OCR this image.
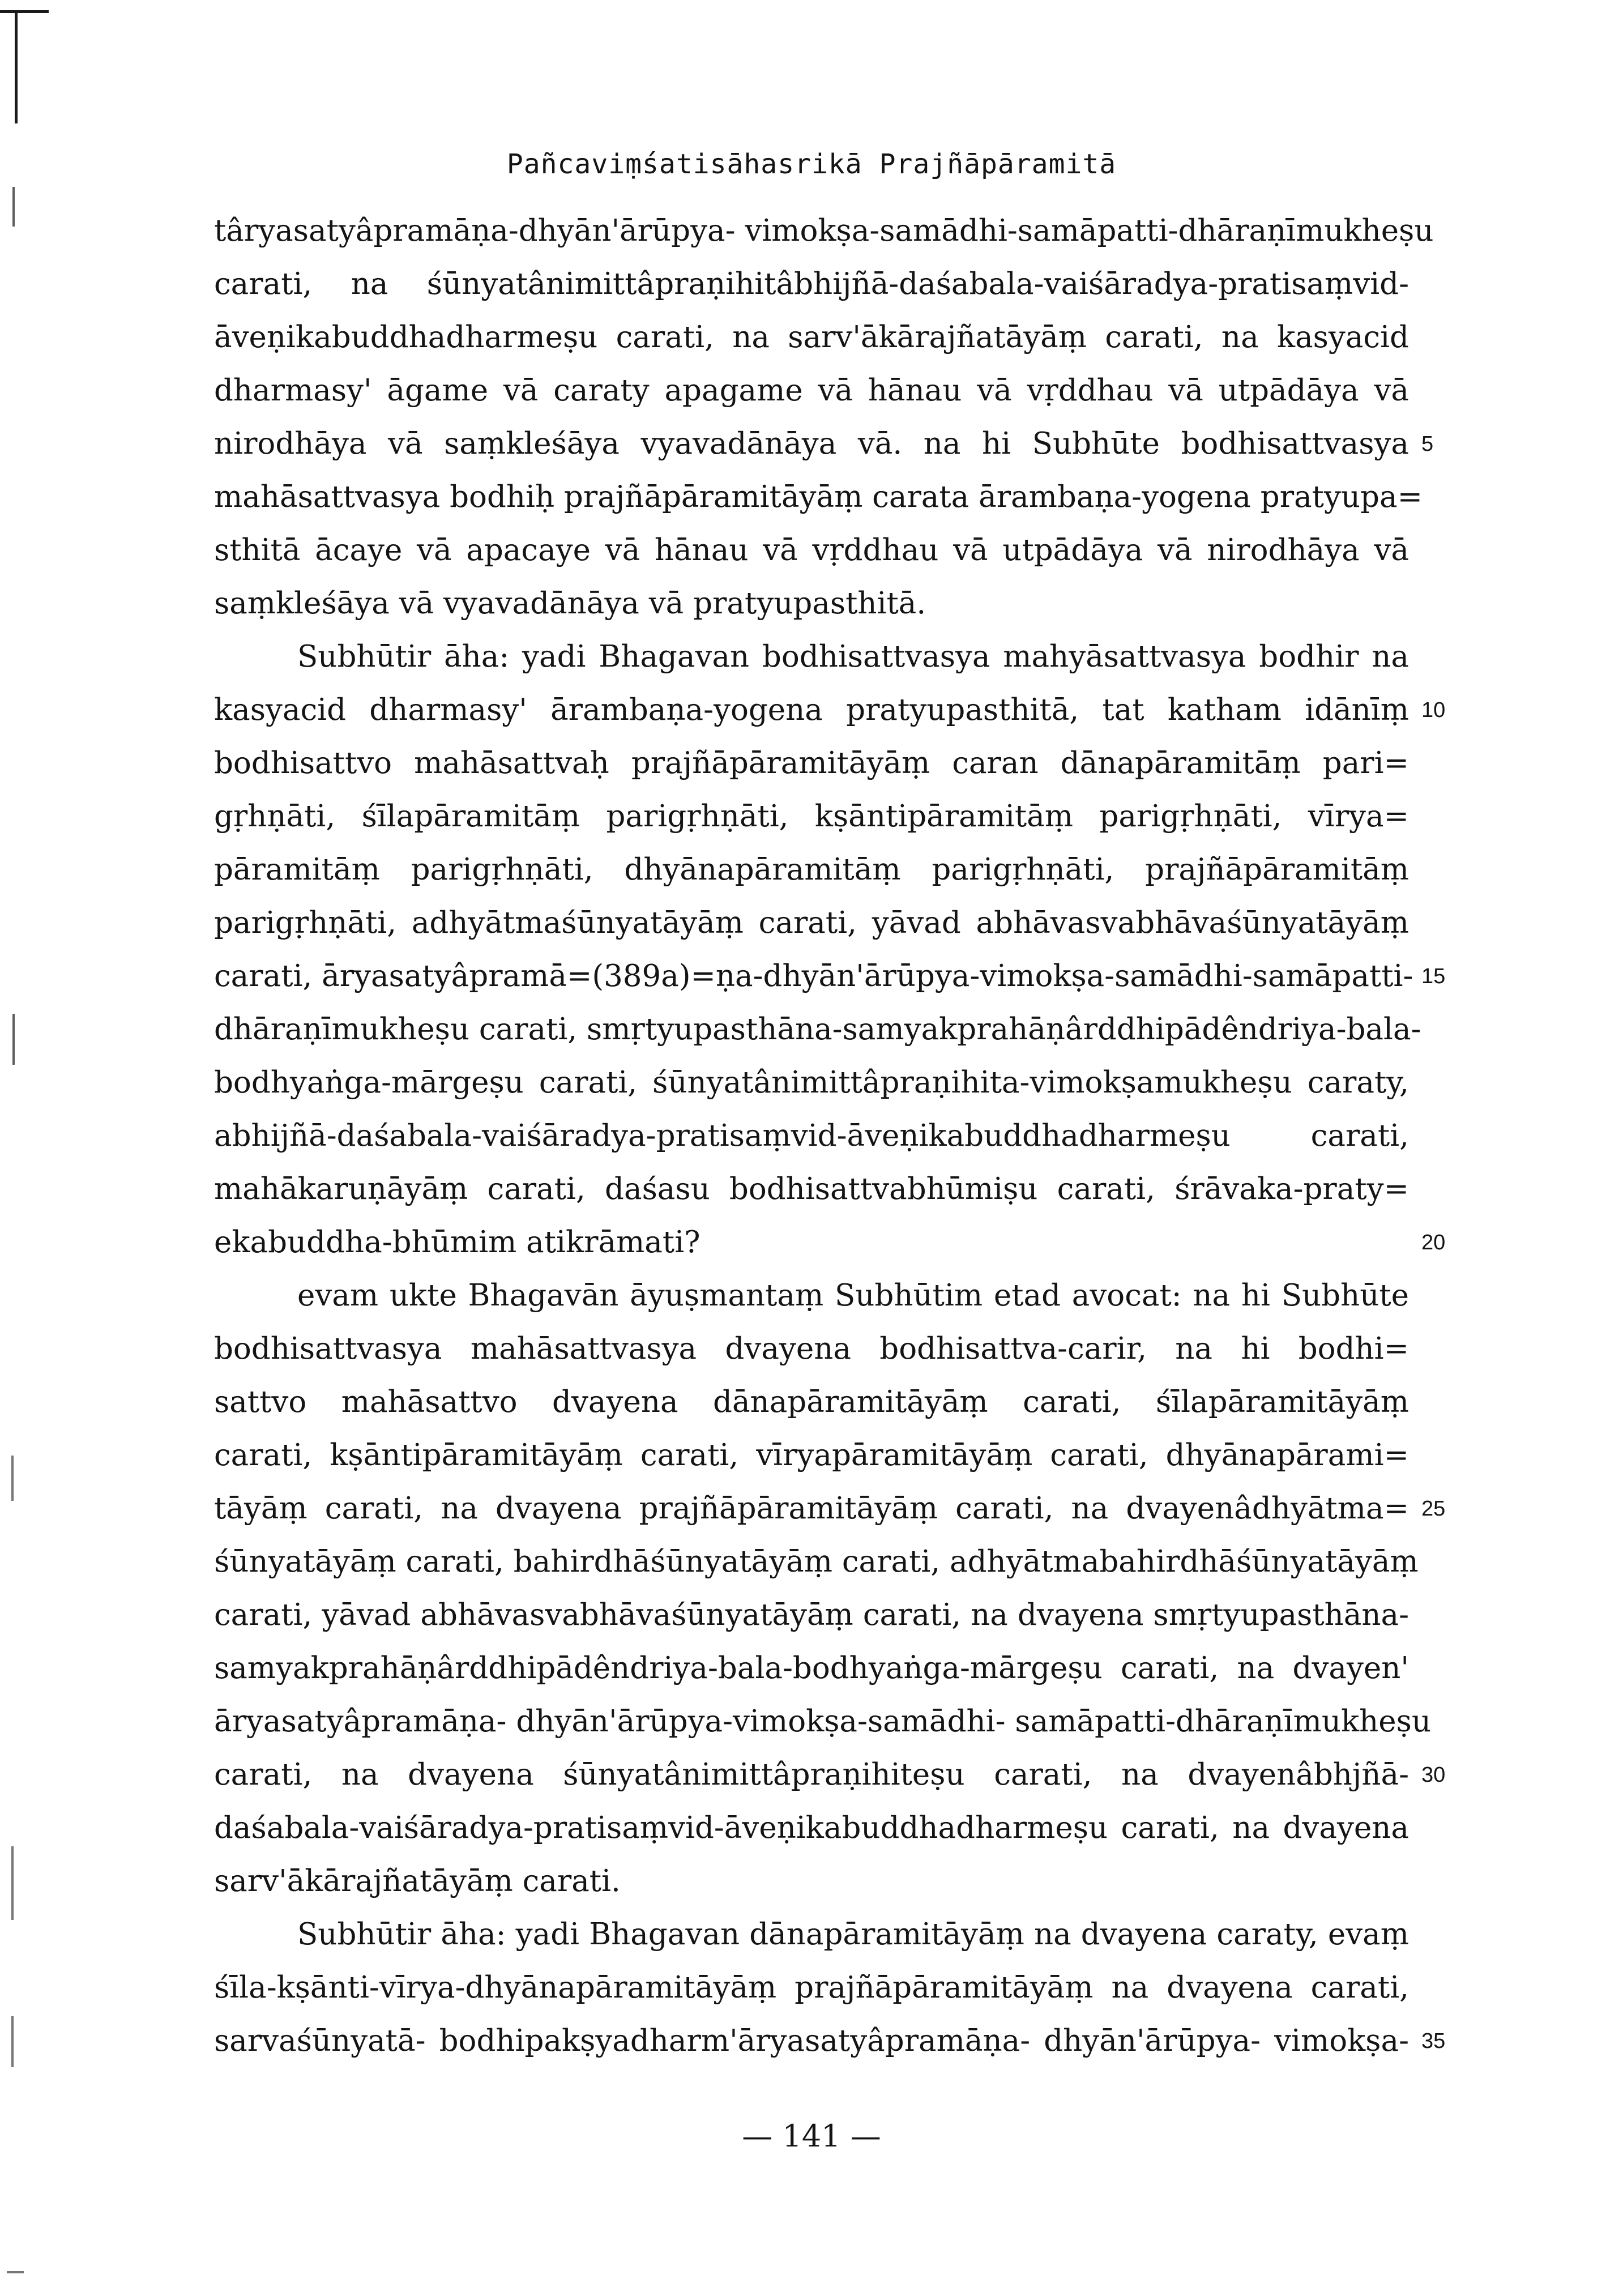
Pañcaviṃśatisāhasrikā Prajñāpāramitā
târyasatyâpramāṇa-dhyān'ārūpya- vimokṣa-samādhi-samāpatti-dhāraṇīmukheṣu
carati, na śūnyatânimittâpraṇihitâbhijñā-daśabala-vaiśāradya-pratisaṃvid-
āveṇikabuddhadharmeṣu carati, na sarv'ākārajñatāyāṃ carati, na kasyacid
dharmasy' āgame vā caraty apagame vā hānau vā vṛddhau vā utpādāya vā
nirodhāya vā saṃkleśāya vyavadānāya vā. na hi Subhūte bodhisattvasya
mahāsattvasya bodhiḥ prajñāpāramitāyāṃ carata ārambaṇa-yogena pratyupa=
sthitā ācaye vā apacaye vā hānau vā vṛddhau vā utpādāya vā nirodhāya vā
saṃkleśāya vā vyavadānāya vā pratyupasthitā.
Subhūtir āha: yadi Bhagavan bodhisattvasya mahyāsattvasya bodhir na
kasyacid dharmasy' ārambaṇa-yogena pratyupasthitā, tat katham idānīṃ
bodhisattvo mahāsattvaḥ prajñāpāramitāyāṃ caran dānapāramitāṃ pari=
gṛhṇāti, śīlapāramitāṃ parigṛhṇāti, kṣāntipāramitāṃ parigṛhṇāti, vīrya=
pāramitāṃ parigṛhṇāti, dhyānapāramitāṃ parigṛhṇāti, prajñāpāramitāṃ
parigṛhṇāti, adhyātmaśūnyatāyāṃ carati, yāvad abhāvasvabhāvaśūnyatāyāṃ
carati, āryasatyâpramā=(389a)=ṇa-dhyān'ārūpya-vimokṣa-samādhi-samāpatti-
dhāraṇīmukheṣu carati, smṛtyupasthāna-samyakprahāṇârddhipādêndriya-bala-
bodhyaṅga-mārgeṣu carati, śūnyatânimittâpraṇihita-vimokṣamukheṣu caraty,
abhijñā-daśabala-vaiśāradya-pratisaṃvid-āveṇikabuddhadharmeṣu carati,
mahākaruṇāyāṃ carati, daśasu bodhisattvabhūmiṣu carati, śrāvaka-praty=
ekabuddha-bhūmim atikrāmati?
evam ukte Bhagavān āyuṣmantaṃ Subhūtim etad avocat: na hi Subhūte
bodhisattvasya mahāsattvasya dvayena bodhisattva-carir, na hi bodhi=
sattvo mahāsattvo dvayena dānapāramitāyāṃ carati, śīlapāramitāyāṃ
carati, kṣāntipāramitāyāṃ carati, vīryapāramitāyāṃ carati, dhyānapārami=
tāyāṃ carati, na dvayena prajñāpāramitāyāṃ carati, na dvayenâdhyātma=
śūnyatāyāṃ carati, bahirdhāśūnyatāyāṃ carati, adhyātmabahirdhāśūnyatāyāṃ
carati, yāvad abhāvasvabhāvaśūnyatāyāṃ carati, na dvayena smṛtyupasthāna-
samyakprahāṇârddhipādêndriya-bala-bodhyaṅga-mārgeṣu carati, na dvayen'
āryasatyâpramāṇa- dhyān'ārūpya-vimokṣa-samādhi- samāpatti-dhāraṇīmukheṣu
carati, na dvayena śūnyatânimittâpraṇihiteṣu carati, na dvayenâbhjñā-
daśabala-vaiśāradya-pratisaṃvid-āveṇikabuddhadharmeṣu carati, na dvayena
sarv'ākārajñatāyāṃ carati.
Subhūtir āha: yadi Bhagavan dānapāramitāyāṃ na dvayena caraty, evaṃ
śīla-kṣānti-vīrya-dhyānapāramitāyāṃ prajñāpāramitāyāṃ na dvayena carati,
sarvaśūnyatā- bodhipakṣyadharm'āryasatyâpramāṇa- dhyān'ārūpya- vimokṣa-
5
10
15
20
25
30
35
— 141 —
